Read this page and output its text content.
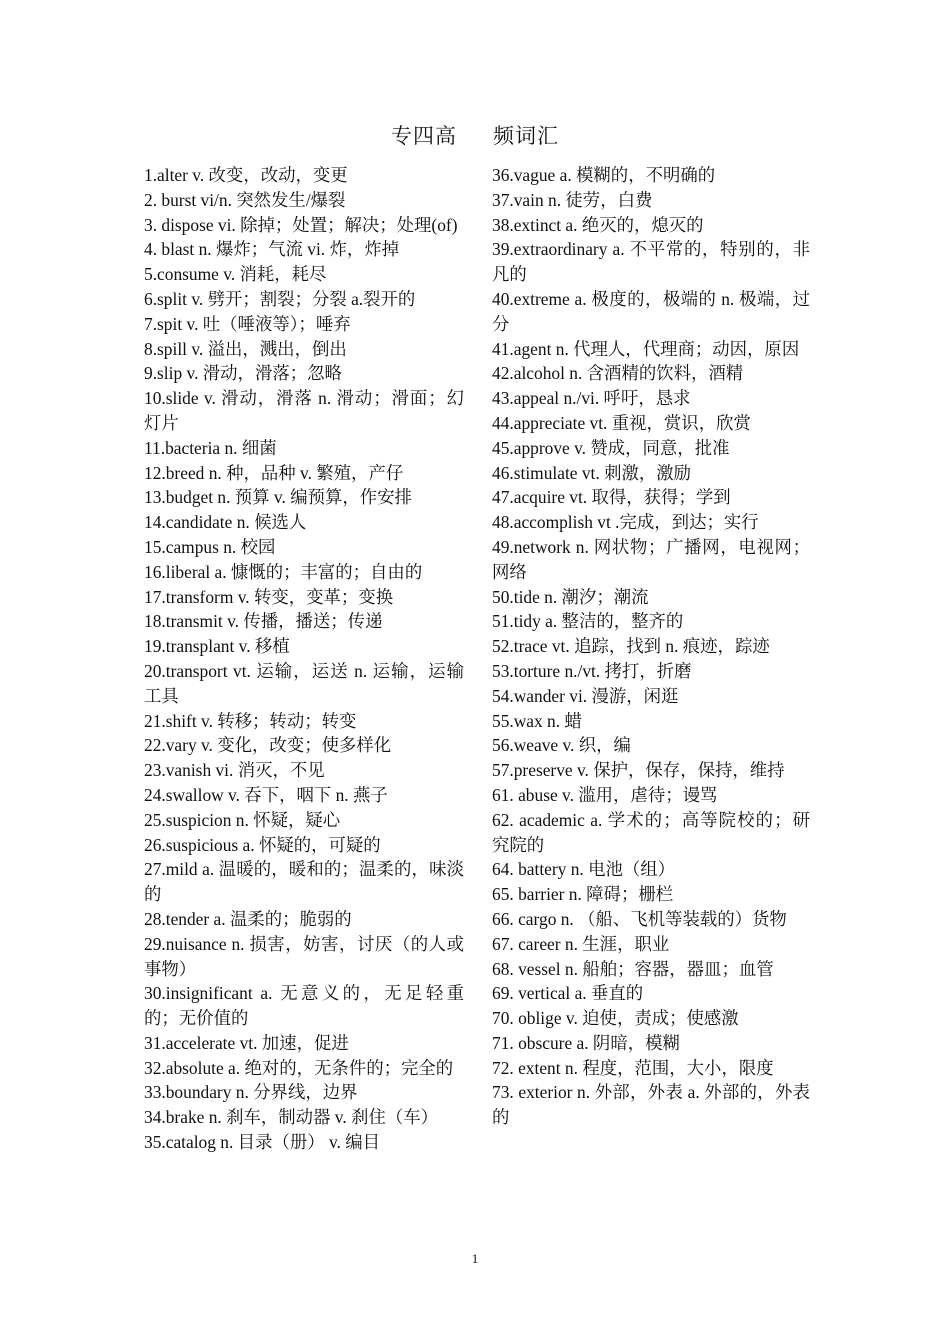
专四高 频词汇

1.alter v. 改变，改动，变更

2. burst vi/n. 突然发生/爆裂

3. dispose vi. 除掉；处置；解决；处理(of)

4. blast n. 爆炸；气流 vi. 炸，炸掉

5.consume v. 消耗，耗尽

6.split v. 劈开；割裂；分裂 a.裂开的

7.spit v. 吐（唾液等）；唾弃

8.spill v. 溢出，溅出，倒出

9.slip v. 滑动，滑落；忽略

10.slide v. 滑动，滑落 n. 滑动；滑面；幻灯片

11.bacteria n. 细菌

12.breed n. 种，品种 v. 繁殖，产仔

13.budget n. 预算 v. 编预算，作安排

14.candidate n. 候选人

15.campus n. 校园

16.liberal a. 慷慨的；丰富的；自由的

17.transform v. 转变，变革；变换

18.transmit v. 传播，播送；传递

19.transplant v. 移植

20.transport vt. 运输，运送 n. 运输，运输工具

21.shift v. 转移；转动；转变

22.vary v. 变化，改变；使多样化

23.vanish vi. 消灭，不见

24.swallow v. 吞下，咽下 n. 燕子

25.suspicion n. 怀疑，疑心

26.suspicious a. 怀疑的，可疑的

27.mild a. 温暖的，暖和的；温柔的，味淡的

28.tender a. 温柔的；脆弱的

29.nuisance n. 损害，妨害，讨厌（的人或事物）

30.insignificant a. 无意义的，无足轻重的；无价值的

31.accelerate vt. 加速，促进

32.absolute a. 绝对的，无条件的；完全的

33.boundary n. 分界线，边界

34.brake n. 刹车，制动器 v. 刹住（车）

35.catalog n. 目录（册） v. 编目

36.vague a. 模糊的，不明确的

37.vain n. 徒劳，白费

38.extinct a. 绝灭的，熄灭的

39.extraordinary a. 不平常的，特别的，非凡的

40.extreme a. 极度的，极端的 n. 极端，过分

41.agent n. 代理人，代理商；动因，原因

42.alcohol n. 含酒精的饮料，酒精

43.appeal n./vi. 呼吁，恳求

44.appreciate vt. 重视，赏识，欣赏

45.approve v. 赞成，同意，批准

46.stimulate vt. 刺激，激励

47.acquire vt. 取得，获得；学到

48.accomplish vt .完成，到达；实行

49.network n. 网状物；广播网，电视网；网络

50.tide n. 潮汐；潮流

51.tidy a. 整洁的，整齐的

52.trace vt. 追踪，找到 n. 痕迹，踪迹

53.torture n./vt. 拷打，折磨

54.wander vi. 漫游，闲逛

55.wax n. 蜡

56.weave v. 织，编

57.preserve v. 保护，保存，保持，维持

61. abuse v. 滥用，虐待；谩骂

62. academic a. 学术的；高等院校的；研究院的

64. battery n. 电池（组）

65. barrier n. 障碍；栅栏

66. cargo n. （船、飞机等装载的）货物

67. career n. 生涯，职业

68. vessel n. 船舶；容器，器皿；血管

69. vertical a. 垂直的

70. oblige v. 迫使，责成；使感激

71. obscure a. 阴暗，模糊

72. extent n. 程度，范围，大小，限度

73. exterior n. 外部，外表 a. 外部的，外表的

1
